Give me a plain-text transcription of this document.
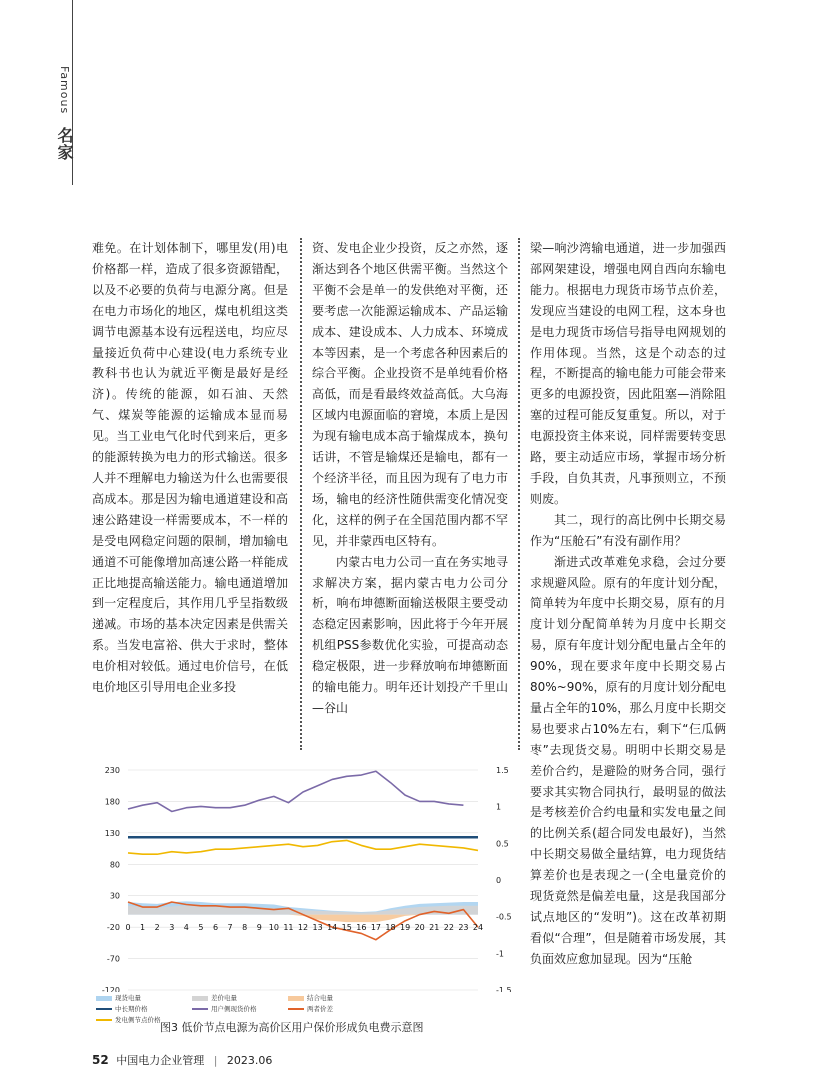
Famous 名家

难免。在计划体制下，哪里发(用)电价格都一样，造成了很多资源错配，以及不必要的负荷与电源分离。但是在电力市场化的地区，煤电机组这类调节电源基本设有远程送电，均应尽量接近负荷中心建设(电力系统专业教科书也认为就近平衡是最好是经济)。传统的能源，如石油、天然气、煤炭等能源的运输成本显而易见。当工业电气化时代到来后，更多的能源转换为电力的形式输送。很多人并不理解电力输送为什么也需要很高成本。那是因为输电通道建设和高速公路建设一样需要成本，不一样的是受电网稳定问题的限制，增加输电通道不可能像增加高速公路一样能成正比地提高输送能力。输电通道增加到一定程度后，其作用几乎呈指数级递减。市场的基本决定因素是供需关系。当发电富裕、供大于求时，整体电价相对较低。通过电价信号，在低电价地区引导用电企业多投

资、发电企业少投资，反之亦然，逐渐达到各个地区供需平衡。当然这个平衡不会是单一的发供绝对平衡，还要考虑一次能源运输成本、产品运输成本、建设成本、人力成本、环境成本等因素，是一个考虑各种因素后的综合平衡。企业投资不是单纯看价格高低，而是看最终效益高低。大乌海区域内电源面临的窘境，本质上是因为现有输电成本高于输煤成本，换句话讲，不管是输煤还是输电，都有一个经济半径，而且因为现有了电力市场，输电的经济性随供需变化情况变化，这样的例子在全国范围内都不罕见，并非蒙西电区特有。

内蒙古电力公司一直在务实地寻求解决方案，据内蒙古电力公司分析，响布坤德断面输送极限主要受动态稳定因素影响，因此将于今年开展机组PSS参数优化实验，可提高动态稳定极限，进一步释放响布坤德断面的输电能力。明年还计划投产千里山—谷山

梁—响沙湾输电通道，进一步加强西部网架建设，增强电网自西向东输电能力。根据电力现货市场节点价差，发现应当建设的电网工程，这本身也是电力现货市场信号指导电网规划的作用体现。当然，这是个动态的过程，不断提高的输电能力可能会带来更多的电源投资，因此阻塞—消除阻塞的过程可能反复重复。所以，对于电源投资主体来说，同样需要转变思路，要主动适应市场，掌握市场分析手段，自负其责，凡事预则立，不预则废。

其二，现行的高比例中长期交易作为“压舱石”有没有副作用？

渐进式改革难免求稳，会过分要求规避风险。原有的年度计划分配，简单转为年度中长期交易，原有的月度计划分配简单转为月度中长期交易，原有年度计划分配电量占全年的90%，现在要求年度中长期交易占80%~90%，原有的月度计划分配电量占全年的10%，那么月度中长期交易也要求占10%左右，剩下“仨瓜俩枣”去现货交易。明明中长期交易是差价合约，是避险的财务合同，强行要求其实物合同执行，最明显的做法是考核差价合约电量和实发电量之间的比例关系(超合同发电最好)，当然中长期交易做全量结算，电力现货结算差价也是表现之一(全电量竞价的现货竟然是偏差电量，这是我国部分试点地区的“发明”)。这在改革初期看似“合理”，但是随着市场发展，其负面效应愈加显现。因为“压舱

230
180
130
80
30
-20
-70
-120
1.5
1
0.5
0
-0.5
-1
-1.5
0 1 2 3 4 5 6 7 8 9 10 11 12 13 14 15 16 17 18 19 20 21 22 23 24
现货电量	差价电量	结合电量中长期价格	用户侧现货价格	两者价差发电侧节点价格
图3 低价节点电源为高价区用户保价形成负电费示意图
52 中国电力企业管理 | 2023.06
